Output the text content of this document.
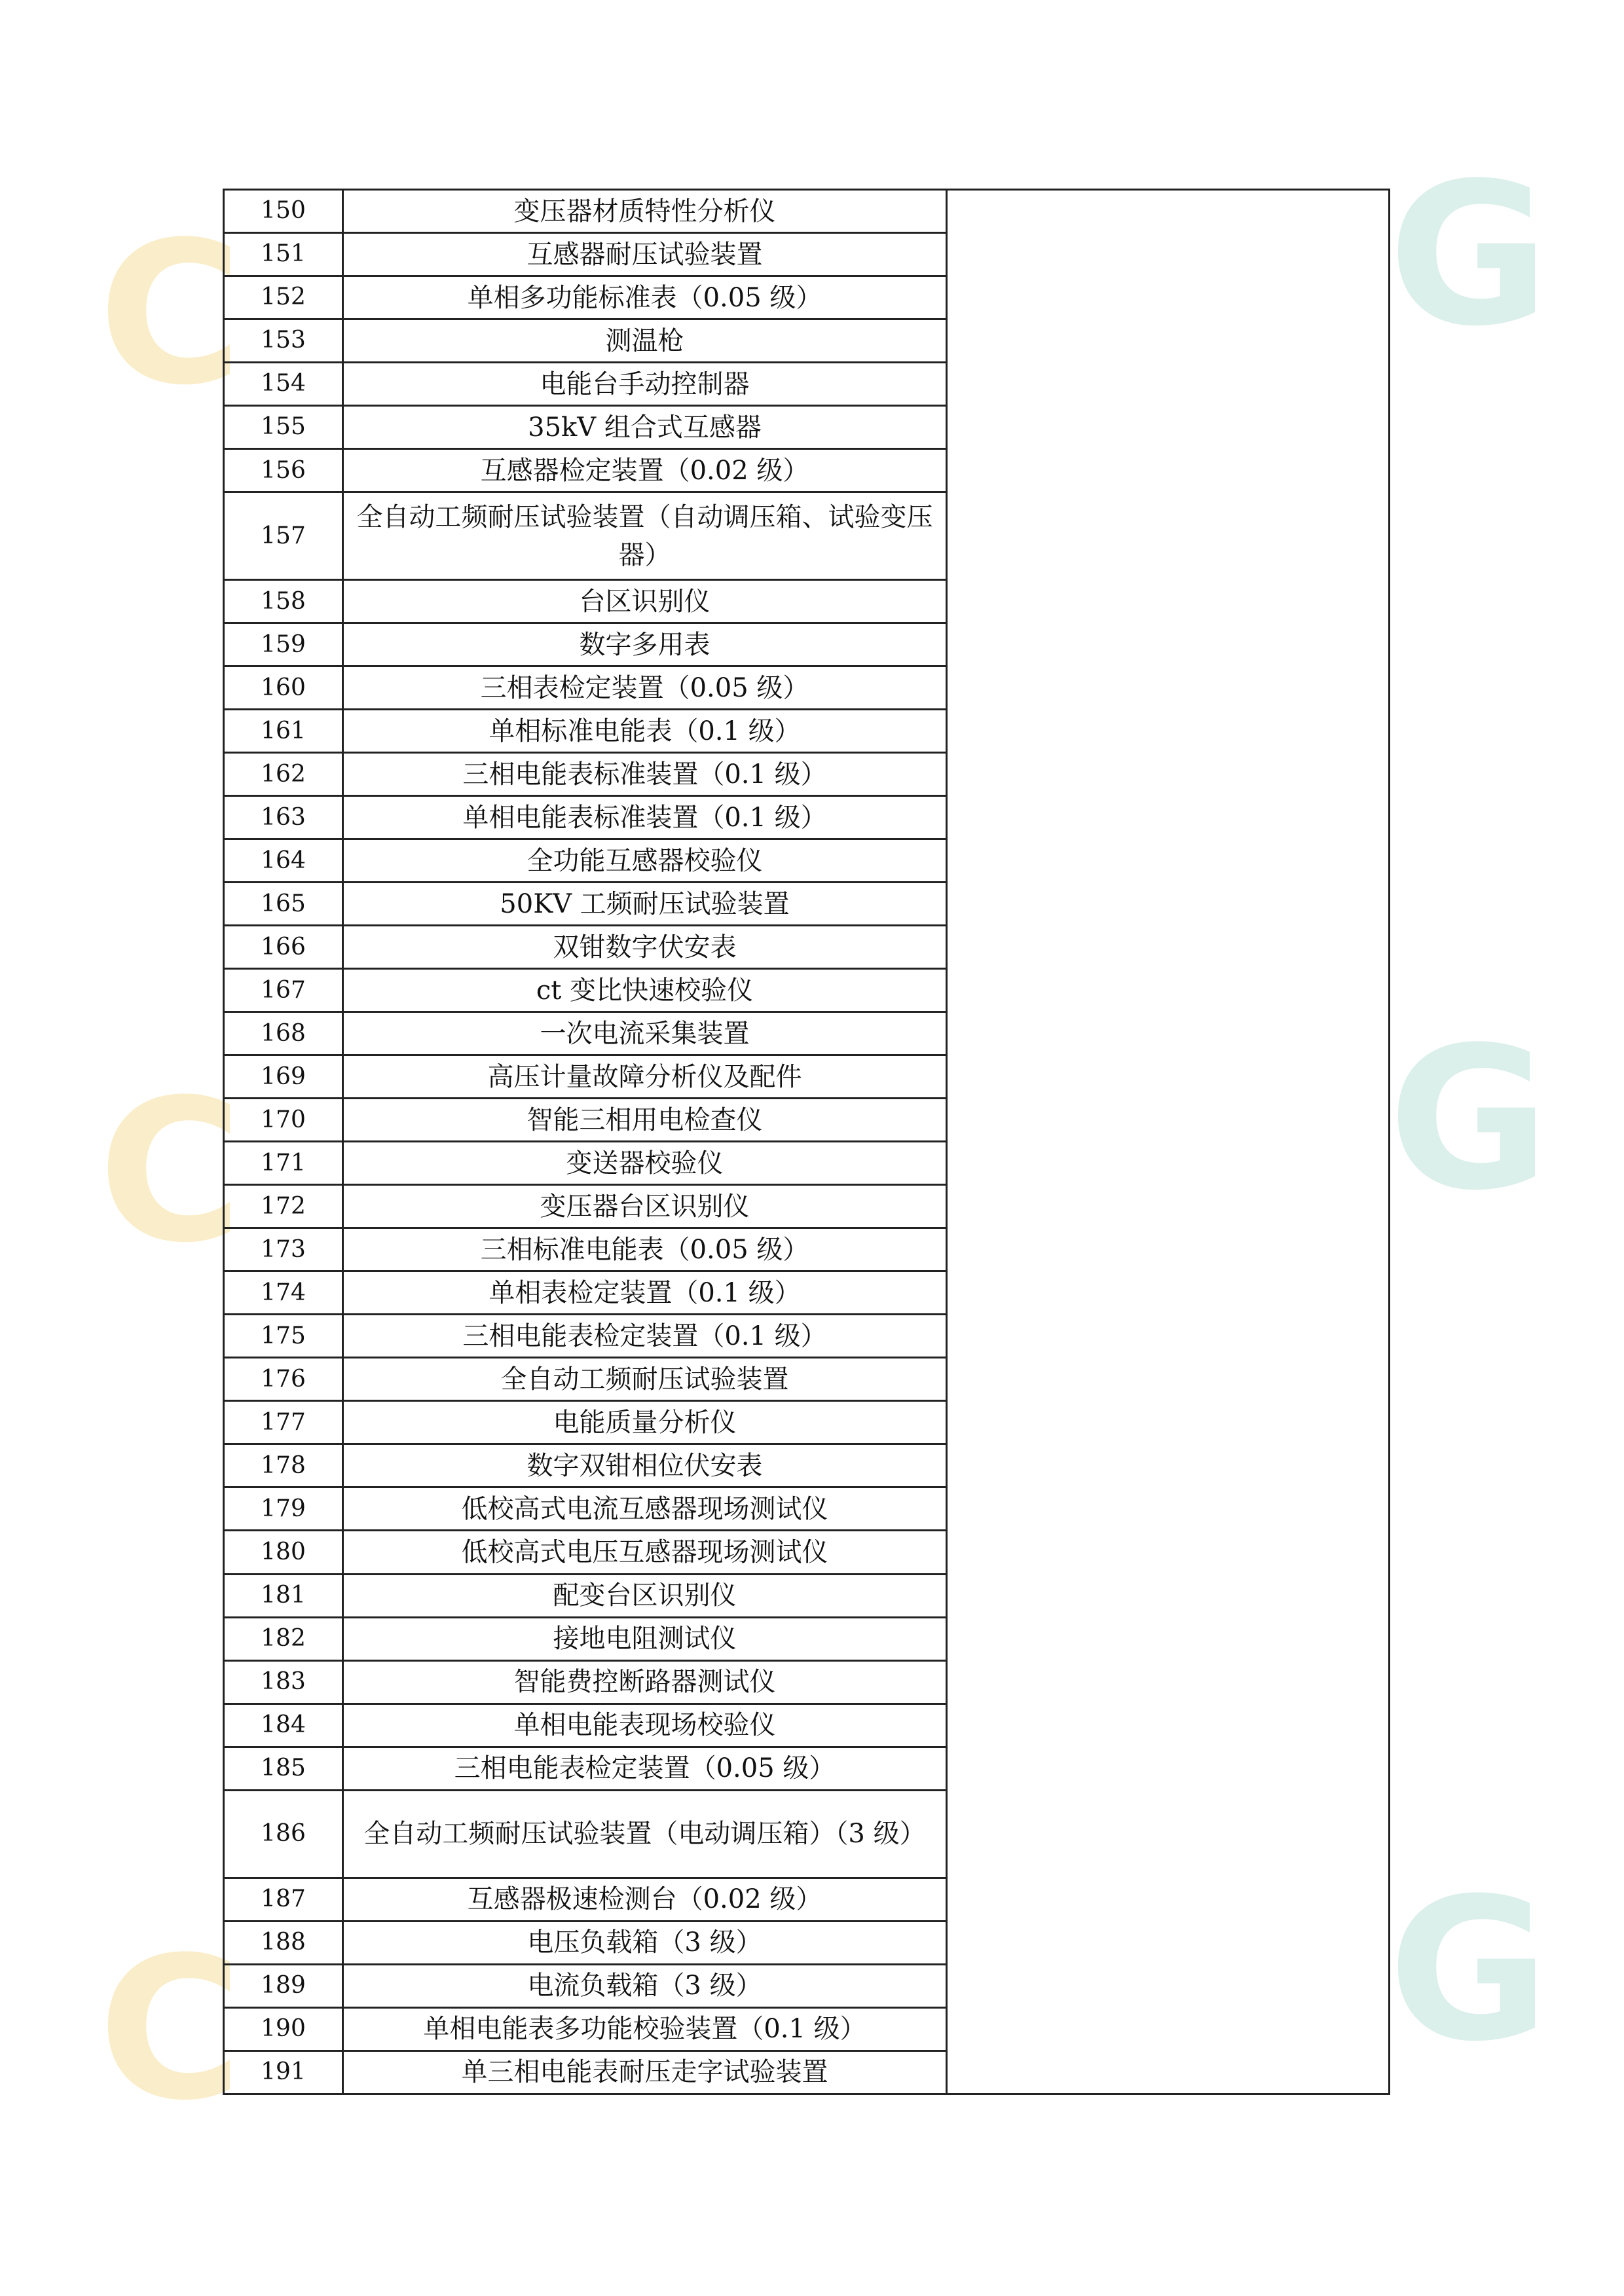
C	G
C	G
C	G
150	变压器材质特性分析仪	
151	互感器耐压试验装置	
152	单相多功能标准表（0.05 级）	
153	测温枪	
154	电能台手动控制器	
155	35kV 组合式互感器	
156	互感器检定装置（0.02 级）	
157	全自动工频耐压试验装置（自动调压箱、试验变压器）	
158	台区识别仪	
159	数字多用表	
160	三相表检定装置（0.05 级）	
161	单相标准电能表（0.1 级）	
162	三相电能表标准装置（0.1 级）	
163	单相电能表标准装置（0.1 级）	
164	全功能互感器校验仪	
165	50KV 工频耐压试验装置	
166	双钳数字伏安表	
167	ct 变比快速校验仪	
168	一次电流采集装置	
169	高压计量故障分析仪及配件	
170	智能三相用电检查仪	
171	变送器校验仪	
172	变压器台区识别仪	
173	三相标准电能表（0.05 级）	
174	单相表检定装置（0.1 级）	
175	三相电能表检定装置（0.1 级）	
176	全自动工频耐压试验装置	
177	电能质量分析仪	
178	数字双钳相位伏安表	
179	低校高式电流互感器现场测试仪	
180	低校高式电压互感器现场测试仪	
181	配变台区识别仪	
182	接地电阻测试仪	
183	智能费控断路器测试仪	
184	单相电能表现场校验仪	
185	三相电能表检定装置（0.05 级）	
186	全自动工频耐压试验装置（电动调压箱）（3 级）	
187	互感器极速检测台（0.02 级）	
188	电压负载箱（3 级）	
189	电流负载箱（3 级）	
190	单相电能表多功能校验装置（0.1 级）	
191	单三相电能表耐压走字试验装置	
